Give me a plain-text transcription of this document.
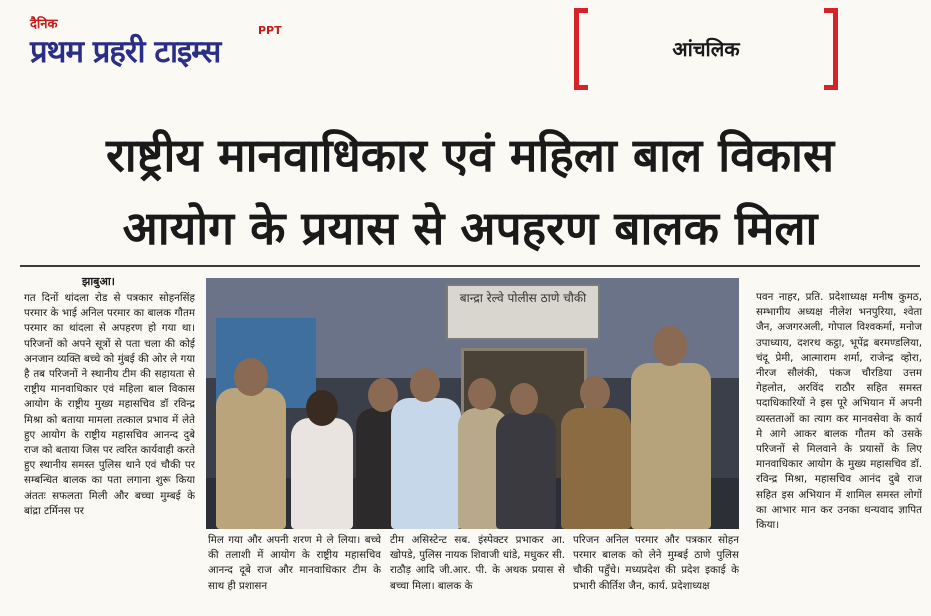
दैनिक
प्रथम प्रहरी टाइम्स
PPT
आंचलिक
राष्ट्रीय मानवाधिकार एवं महिला बाल विकास
आयोग के प्रयास से अपहरण बालक मिला
झाबुआ।
गत दिनों थांदला रोड से पत्रकार सोहनसिंह परमार के भाई अनिल परमार का बालक गौतम परमार का थांदला से अपहरण हो गया था। परिजनों को अपने सूत्रों से पता चला की कोई अनजान व्यक्ति बच्चे को मुंबई की ओर ले गया है तब परिजनों ने स्थानीय टीम की सहायता से राष्ट्रीय मानवाधिकार एवं महिला बाल विकास आयोग के राष्ट्रीय मुख्य महासचिव डॉ रविन्द्र मिश्रा को बताया मामला तत्काल प्रभाव में लेते हुए आयोग के राष्ट्रीय महासचिव आनन्द दुबे राज को बताया जिस पर त्वरित कार्यवाही करते हुए स्थानीय समस्त पुलिस थाने एवं चौकी पर सम्बन्धित बालक का पता लगाना शुरू किया अंततः सफलता मिली और बच्चा मुम्बई के बांद्रा टर्मिनस पर
बान्द्रा रेल्वे पोलीस ठाणे चौकी
मिल गया और अपनी शरण मे ले लिया। बच्चे की तलाशी में आयोग के राष्ट्रीय महासचिव आनन्द दूबे राज और मानवाधिकार टीम के साथ ही प्रशासन
टीम असिस्टेन्ट सब. इंस्पेक्टर प्रभाकर आ. खोपडे, पुलिस नायक शिवाजी धांडे, मधुकर सी. राठौड़ आदि जी.आर. पी. के अथक प्रयास से बच्चा मिला। बालक के
परिजन अनिल परमार और पत्रकार सोहन परमार बालक को लेने मुम्बई ठाणे पुलिस चौकी पहुँचे। मध्यप्रदेश की प्रदेश इकाई के प्रभारी कीर्तिश जैन, कार्य. प्रदेशाध्यक्ष
पवन नाहर, प्रति. प्रदेशाध्यक्ष मनीष कुमठ, सम्भागीय अध्यक्ष नीलेश भनपुरिया, श्वेता जैन, अजगरअली, गोपाल विश्वकर्मा, मनोज उपाध्याय, दशरथ कट्ठा, भूपेंद्र बरमण्डलिया, चंदू प्रेमी, आत्माराम शर्मा, राजेन्द्र व्होरा, नीरज सौलंकी, पंकज चौरडिया उत्तम गेहलोत, अरविंद राठौर सहित समस्त पदाधिकारियों ने इस पूरे अभियान में अपनी व्यस्तताओं का त्याग कर मानवसेवा के कार्य मे आगे आकर बालक गौतम को उसके परिजनों से मिलवाने के प्रयासों के लिए मानवाधिकार आयोग के मुख्य महासचिव डॉ. रविन्द्र मिश्रा, महासचिव आनंद दुबे राज सहित इस अभियान में शामिल समस्त लोगों का आभार मान कर उनका धन्यवाद ज्ञापित किया।
